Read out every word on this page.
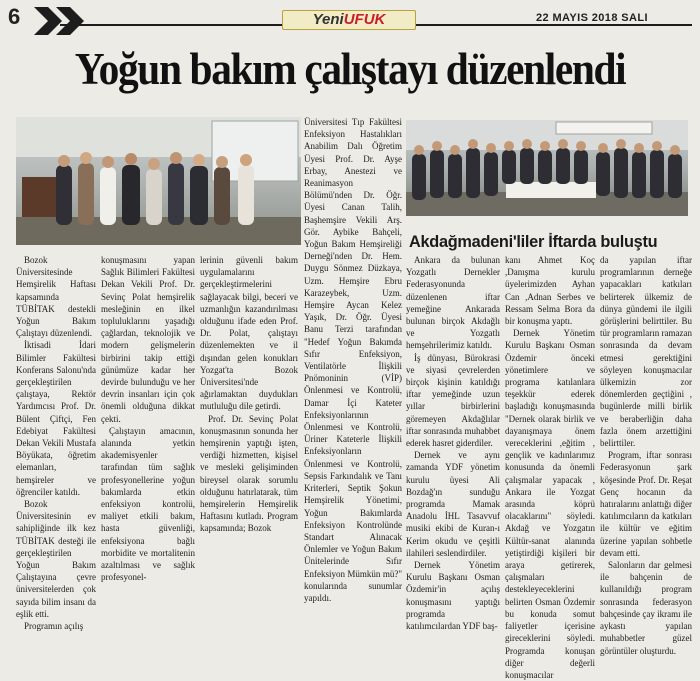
6	YeniUFUK	22 MAYIS 2018 SALI
Yoğun bakım çalıştayı düzenlendi

Üniversitesi Tıp Fakültesi Enfeksiyon Hastalıkları Anabilim Dalı Öğretim Üyesi Prof. Dr. Ayşe Erbay, Anestezi ve Reanimasyon Bölümü'nden Dr. Öğr. Üyesi Canan Talih, Başhemşire Vekili Arş. Gör. Aybike Bahçeli, Yoğun Bakım Hemşireliği Derneği'nden Dr. Hem. Duygu Sönmez Düzkaya, Uzm. Hemşire Ebru Karazeybek, Uzm. Hemşire Aycan Kelez Yaşık, Dr. Öğr. Üyesi Banu Terzi tarafından "Hedef Yoğun Bakımda Sıfır Enfeksiyon, Ventilatörle İlişkili Pnömoninin (VİP) Önlenmesi ve Kontrolü, Damar İçi Kateter Enfeksiyonlarının Önlenmesi ve Kontrolü, Üriner Kateterle İlişkili Enfeksiyonların Önlenmesi ve Kontrolü, Sepsis Farkındalık ve Tanı Kriterleri, Septik Şokun Hemşirelik Yönetimi, Yoğun Bakımlarda Enfeksiyon Kontrolünde Standart Alınacak Önlemler ve Yoğun Bakım Ünitelerinde Sıfır Enfeksiyon Mümkün mü?" konularında sunumlar yapıldı.

Akdağmadeni'liler İftarda buluştu

Bozok Üniversitesinde Hemşirelik Haftası kapsamında TÜBİTAK destekli Yoğun Bakım Çalıştayı düzenlendi.

İktisadi İdari Bilimler Fakültesi Konferans Salonu'nda gerçekleştirilen çalıştaya, Rektör Yardımcısı Prof. Dr. Bülent Çiftçi, Fen Edebiyat Fakültesi Dekan Vekili Mustafa Böyükata, öğretim elemanları, hemşireler ve öğrenciler katıldı.

Bozok Üniversitesinin ev sahipliğinde ilk kez TÜBİTAK desteği ile gerçekleştirilen Yoğun Bakım Çalıştayına çevre üniversitelerden çok sayıda bilim insanı da eşlik etti.

Programın açılış

konuşmasını yapan Sağlık Bilimleri Fakültesi Dekan Vekili Prof. Dr. Sevinç Polat hemşirelik mesleğinin en ilkel topluluklarını yaşadığı çağlardan, teknolojik ve modern gelişmelerin birbirini takip ettiği günümüze kadar her devirde bulunduğu ve her devrin insanları için çok önemli olduğuna dikkat çekti.

Çalıştayın amacının, alanında yetkin akademisyenler tarafından tüm sağlık profesyonellerine yoğun bakımlarda etkin enfeksiyon kontrolü, maliyet etkili bakım, hasta güvenliği, enfeksiyona bağlı morbidite ve mortalitenin azaltılması ve sağlık profesyonel-

lerinin güvenli bakım uygulamalarını gerçekleştirmelerini sağlayacak bilgi, beceri ve uzmanlığın kazandırılması olduğunu ifade eden Prof. Dr. Polat, çalıştayı düzenlemekten ve il dışından gelen konukları Yozgat'ta Bozok Üniversitesi'nde ağırlamaktan duydukları mutluluğu dile getirdi.

Prof. Dr. Sevinç Polat konuşmasının sonunda her hemşirenin yaptığı işten, verdiği hizmetten, kişisel ve mesleki gelişiminden bireysel olarak sorumlu olduğunu hatırlatarak, tüm hemşirelerin Hemşirelik Haftasını kutladı. Program kapsamında; Bozok

Ankara da bulunan Yozgatlı Dernekler Federasyonunda düzenlenen iftar yemeğine Ankarada bulunan birçok Akdağlı ve Yozgatlı hemşehrilerimiz katıldı.

İş dünyası, Bürokrasi ve siyasi çevrelerden birçok kişinin katıldığı iftar yemeğinde uzun yıllar birbirlerini göremeyen Akdağlılar iftar sonrasında muhabbet ederek hasret giderdiler.

Dernek ve aynı zamanda YDF yönetim kurulu üyesi Ali Bozdağ'ın sunduğu programda Mamak Anadolu İHL Tasavvuf musiki ekibi de Kuran-ı Kerim okudu ve çeşitli ilahileri seslendirdiler.

Dernek Yönetim Kurulu Başkanı Osman Özdemir'in açılış konuşmasını yaptığı programda katılımcılardan YDF baş-

kanı Ahmet Koç ,Danışma kurulu üyelerimizden Ayhan Can ,Adnan Serbes ve Ressam Selma Bora da bir konuşma yaptı.

Dernek Yönetim Kurulu Başkanı Osman Özdemir önceki yönetimlere ve programa katılanlara teşekkür ederek başladığı konuşmasında "Dernek olarak birlik ve dayanışmaya önem vereceklerini ,eğitim , gençlik ve kadınlarımız konusunda da önemli çalışmalar yapacak , Ankara ile Yozgat arasında köprü olacaklarını" söyledi. Akdağ ve Yozgatın Kültür-sanat alanında yetiştirdiği kişileri bir araya getirerek, çalışmaları destekleyeceklerini belirten Osman Özdemir bu konuda somut faliyetler içerisine gireceklerini söyledi. Programda konuşan diğer değerli konuşmacılar

da yapılan iftar programlarının derneğe yapacakları katkıları belirterek ülkemiz de dünya gündemi ile ilgili görüşlerini belirttiler. Bu tür programların ramazan sonrasında da devam etmesi gerektiğini söyleyen konuşmacılar ülkemizin zor dönemlerden geçtiğini , bugünlerde milli birlik ve beraberliğin daha fazla önem arzettiğini belirttiler.

Program, iftar sonrası Federasyonun şark köşesinde Prof. Dr. Reşat Genç hocanın da hatıralarını anlattığı diğer katılımcıların da katkıları ile kültür ve eğitim üzerine yapılan sohbetle devam etti.

Salonların dar gelmesi ile bahçenin de kullanıldığı program sonrasında federasyon bahçesinde çay ikramı ile aykastı yapılan muhabbetler güzel görüntüler oluşturdu.
